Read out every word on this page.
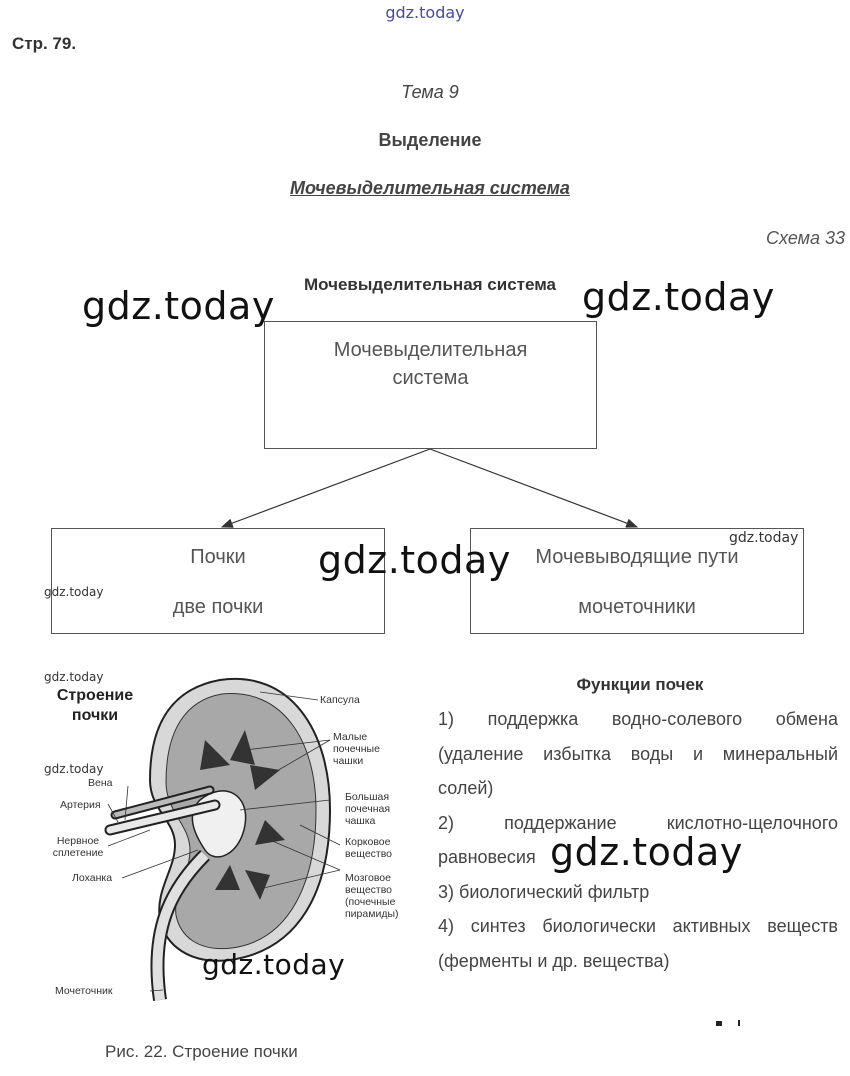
gdz.today
Стр. 79.
Тема 9
Выделение
Мочевыделительная система
Схема 33
Мочевыделительная система
Мочевыделительная система
Почки
две почки
Мочевыводящие пути
мочеточники
Строение почки
Вена
Артерия
Нервное сплетение
Лоханка
Мочеточник
Капсула
Малые почечные чашки
Большая почечная чашка
Корковое вещество
Мозговое вещество (почечные пирамиды)
Рис. 22. Строение почки
Функции почек
1) поддержка водно-солевого обмена
(удаление избытка воды и минеральный
солей)
2) поддержание кислотно-щелочного
равновесия
3) биологический фильтр
4) синтез биологически активных веществ
(ферменты и др. вещества)
gdz.today	gdz.today
gdz.today
gdz.today
gdz.today
gdz.today
gdz.today
gdz.today
gdz.today
